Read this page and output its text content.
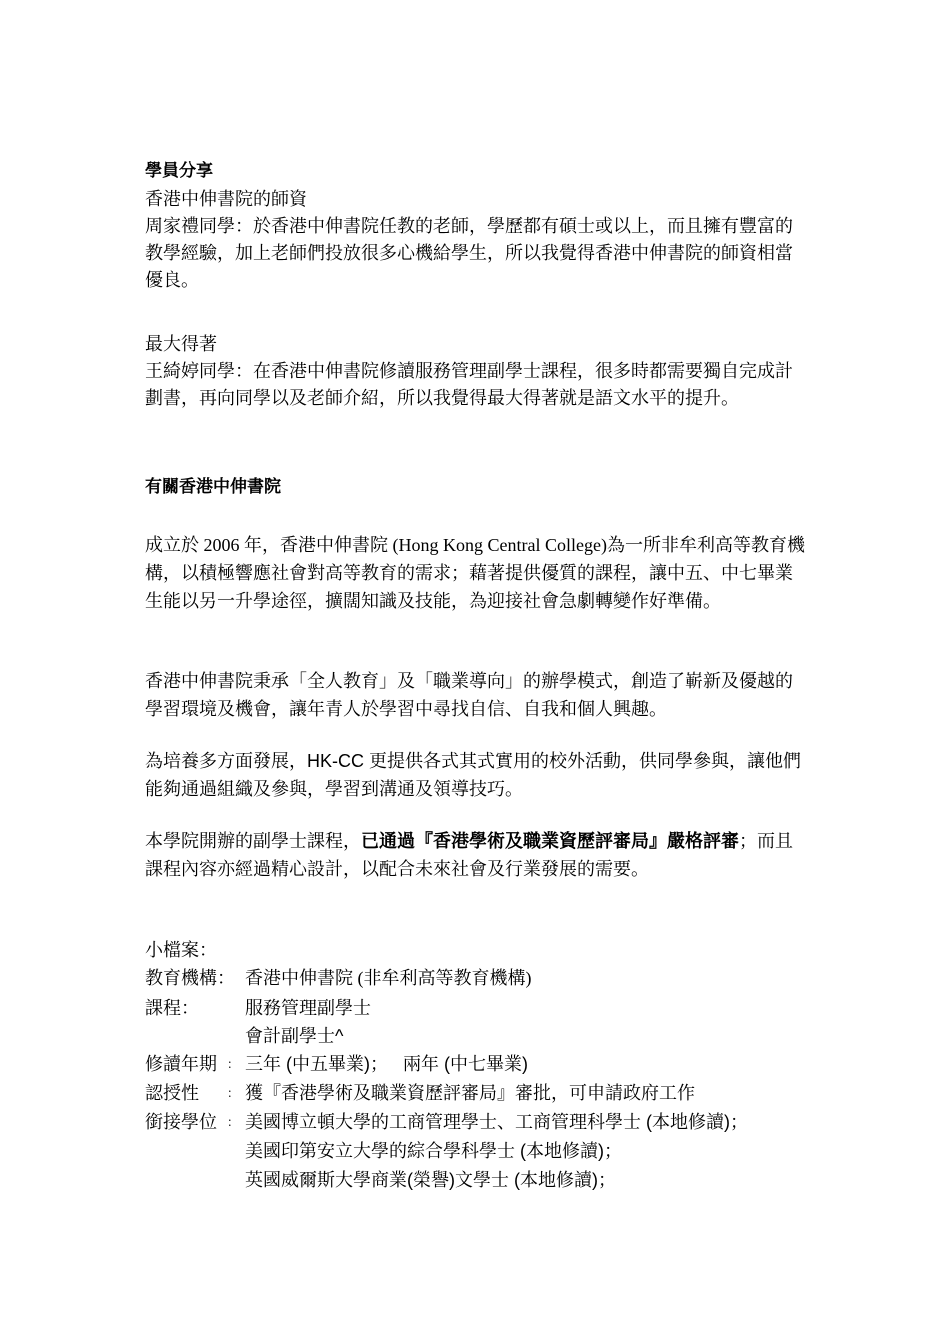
學員分享
香港中伸書院的師資

周家禮同學：於香港中伸書院任教的老師，學歷都有碩士或以上，而且擁有豐富的教學經驗，加上老師們投放很多心機給學生，所以我覺得香港中伸書院的師資相當優良。

最大得著

王綺婷同學：在香港中伸書院修讀服務管理副學士課程，很多時都需要獨自完成計劃書，再向同學以及老師介紹，所以我覺得最大得著就是語文水平的提升。

有關香港中伸書院

成立於 2006 年，香港中伸書院 (Hong Kong Central College)為一所非牟利高等教育機構，以積極響應社會對高等教育的需求；藉著提供優質的課程，讓中五、中七畢業生能以另一升學途徑，擴闊知識及技能，為迎接社會急劇轉變作好準備。

香港中伸書院秉承「全人教育」及「職業導向」的辦學模式，創造了嶄新及優越的學習環境及機會，讓年青人於學習中尋找自信、自我和個人興趣。

為培養多方面發展，HK-CC 更提供各式其式實用的校外活動，供同學參與，讓他們能夠通過組織及參與，學習到溝通及領導技巧。

本學院開辦的副學士課程，已通過『香港學術及職業資歷評審局』嚴格評審；而且課程內容亦經過精心設計，以配合未來社會及行業發展的需要。

小檔案：
教育機構： 香港中伸書院 (非牟利高等教育機構)
課程：	服務管理副學士
會計副學士^
修讀年期 ： 三年 (中五畢業)；   兩年 (中七畢業)
認授性 ： 獲『香港學術及職業資歷評審局』審批，可申請政府工作
銜接學位 ： 美國博立頓大學的工商管理學士、工商管理科學士 (本地修讀)；
美國印第安立大學的綜合學科學士 (本地修讀)；
英國威爾斯大學商業(榮譽)文學士 (本地修讀)；
